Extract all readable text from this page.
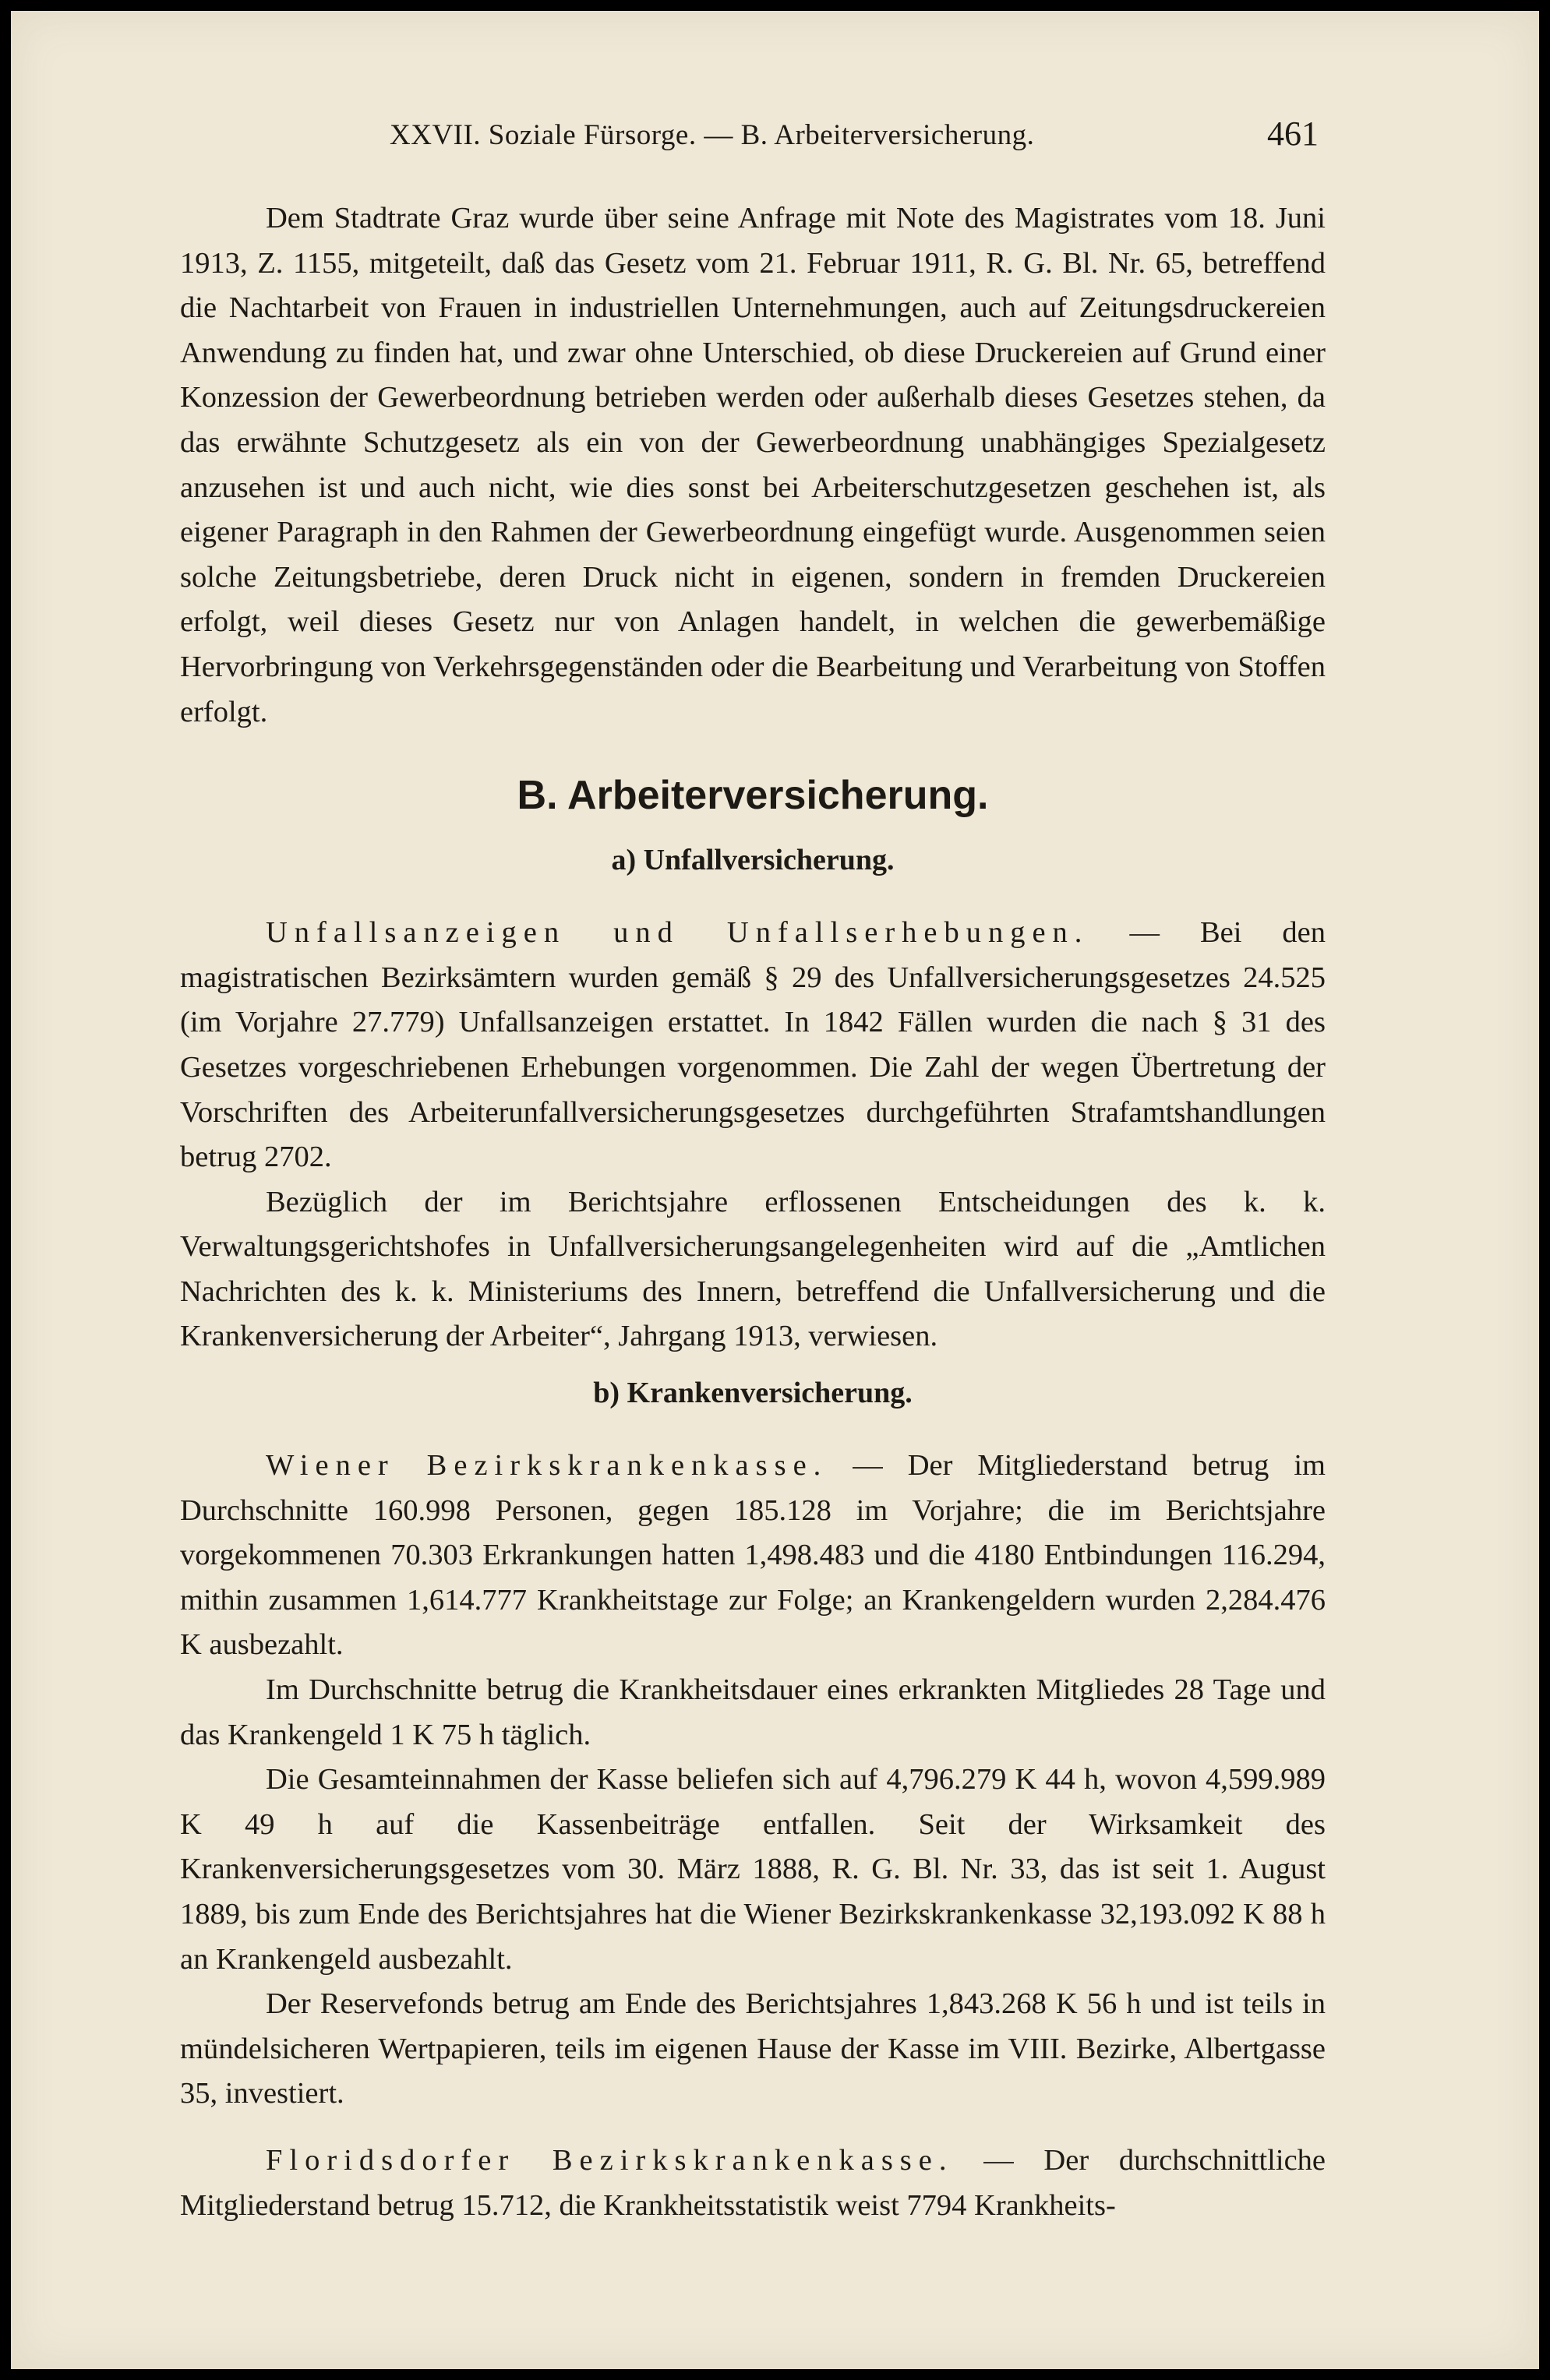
XXVII. Soziale Fürsorge. — B. Arbeiterversicherung.	461

Dem Stadtrate Graz wurde über seine Anfrage mit Note des Magistrates vom 18. Juni 1913, Z. 1155, mitgeteilt, daß das Gesetz vom 21. Februar 1911, R. G. Bl. Nr. 65, betreffend die Nachtarbeit von Frauen in industriellen Unternehmungen, auch auf Zeitungsdruckereien Anwendung zu finden hat, und zwar ohne Unterschied, ob diese Druckereien auf Grund einer Konzession der Gewerbeordnung betrieben werden oder außerhalb dieses Gesetzes stehen, da das erwähnte Schutzgesetz als ein von der Gewerbeordnung unabhängiges Spezialgesetz anzusehen ist und auch nicht, wie dies sonst bei Arbeiterschutzgesetzen geschehen ist, als eigener Paragraph in den Rahmen der Gewerbeordnung eingefügt wurde. Ausgenommen seien solche Zeitungsbetriebe, deren Druck nicht in eigenen, sondern in fremden Druckereien erfolgt, weil dieses Gesetz nur von Anlagen handelt, in welchen die gewerbemäßige Hervorbringung von Verkehrsgegenständen oder die Bearbeitung und Verarbeitung von Stoffen erfolgt.

B. Arbeiterversicherung.
a) Unfallversicherung.

Unfallsanzeigen und Unfallserhebungen. — Bei den magistratischen Bezirksämtern wurden gemäß § 29 des Unfallversicherungsgesetzes 24.525 (im Vorjahre 27.779) Unfallsanzeigen erstattet. In 1842 Fällen wurden die nach § 31 des Gesetzes vorgeschriebenen Erhebungen vorgenommen. Die Zahl der wegen Übertretung der Vorschriften des Arbeiterunfallversicherungsgesetzes durchgeführten Strafamtshandlungen betrug 2702.

Bezüglich der im Berichtsjahre erflossenen Entscheidungen des k. k. Verwaltungsgerichtshofes in Unfallversicherungsangelegenheiten wird auf die „Amtlichen Nachrichten des k. k. Ministeriums des Innern, betreffend die Unfallversicherung und die Krankenversicherung der Arbeiter“, Jahrgang 1913, verwiesen.

b) Krankenversicherung.

Wiener Bezirkskrankenkasse. — Der Mitgliederstand betrug im Durchschnitte 160.998 Personen, gegen 185.128 im Vorjahre; die im Berichtsjahre vorgekommenen 70.303 Erkrankungen hatten 1,498.483 und die 4180 Entbindungen 116.294, mithin zusammen 1,614.777 Krankheitstage zur Folge; an Krankengeldern wurden 2,284.476 K ausbezahlt.

Im Durchschnitte betrug die Krankheitsdauer eines erkrankten Mitgliedes 28 Tage und das Krankengeld 1 K 75 h täglich.

Die Gesamteinnahmen der Kasse beliefen sich auf 4,796.279 K 44 h, wovon 4,599.989 K 49 h auf die Kassenbeiträge entfallen. Seit der Wirksamkeit des Krankenversicherungsgesetzes vom 30. März 1888, R. G. Bl. Nr. 33, das ist seit 1. August 1889, bis zum Ende des Berichtsjahres hat die Wiener Bezirkskrankenkasse 32,193.092 K 88 h an Krankengeld ausbezahlt.

Der Reservefonds betrug am Ende des Berichtsjahres 1,843.268 K 56 h und ist teils in mündelsicheren Wertpapieren, teils im eigenen Hause der Kasse im VIII. Bezirke, Albertgasse 35, investiert.

Floridsdorfer Bezirkskrankenkasse. — Der durchschnittliche Mitgliederstand betrug 15.712, die Krankheitsstatistik weist 7794 Krankheits-
